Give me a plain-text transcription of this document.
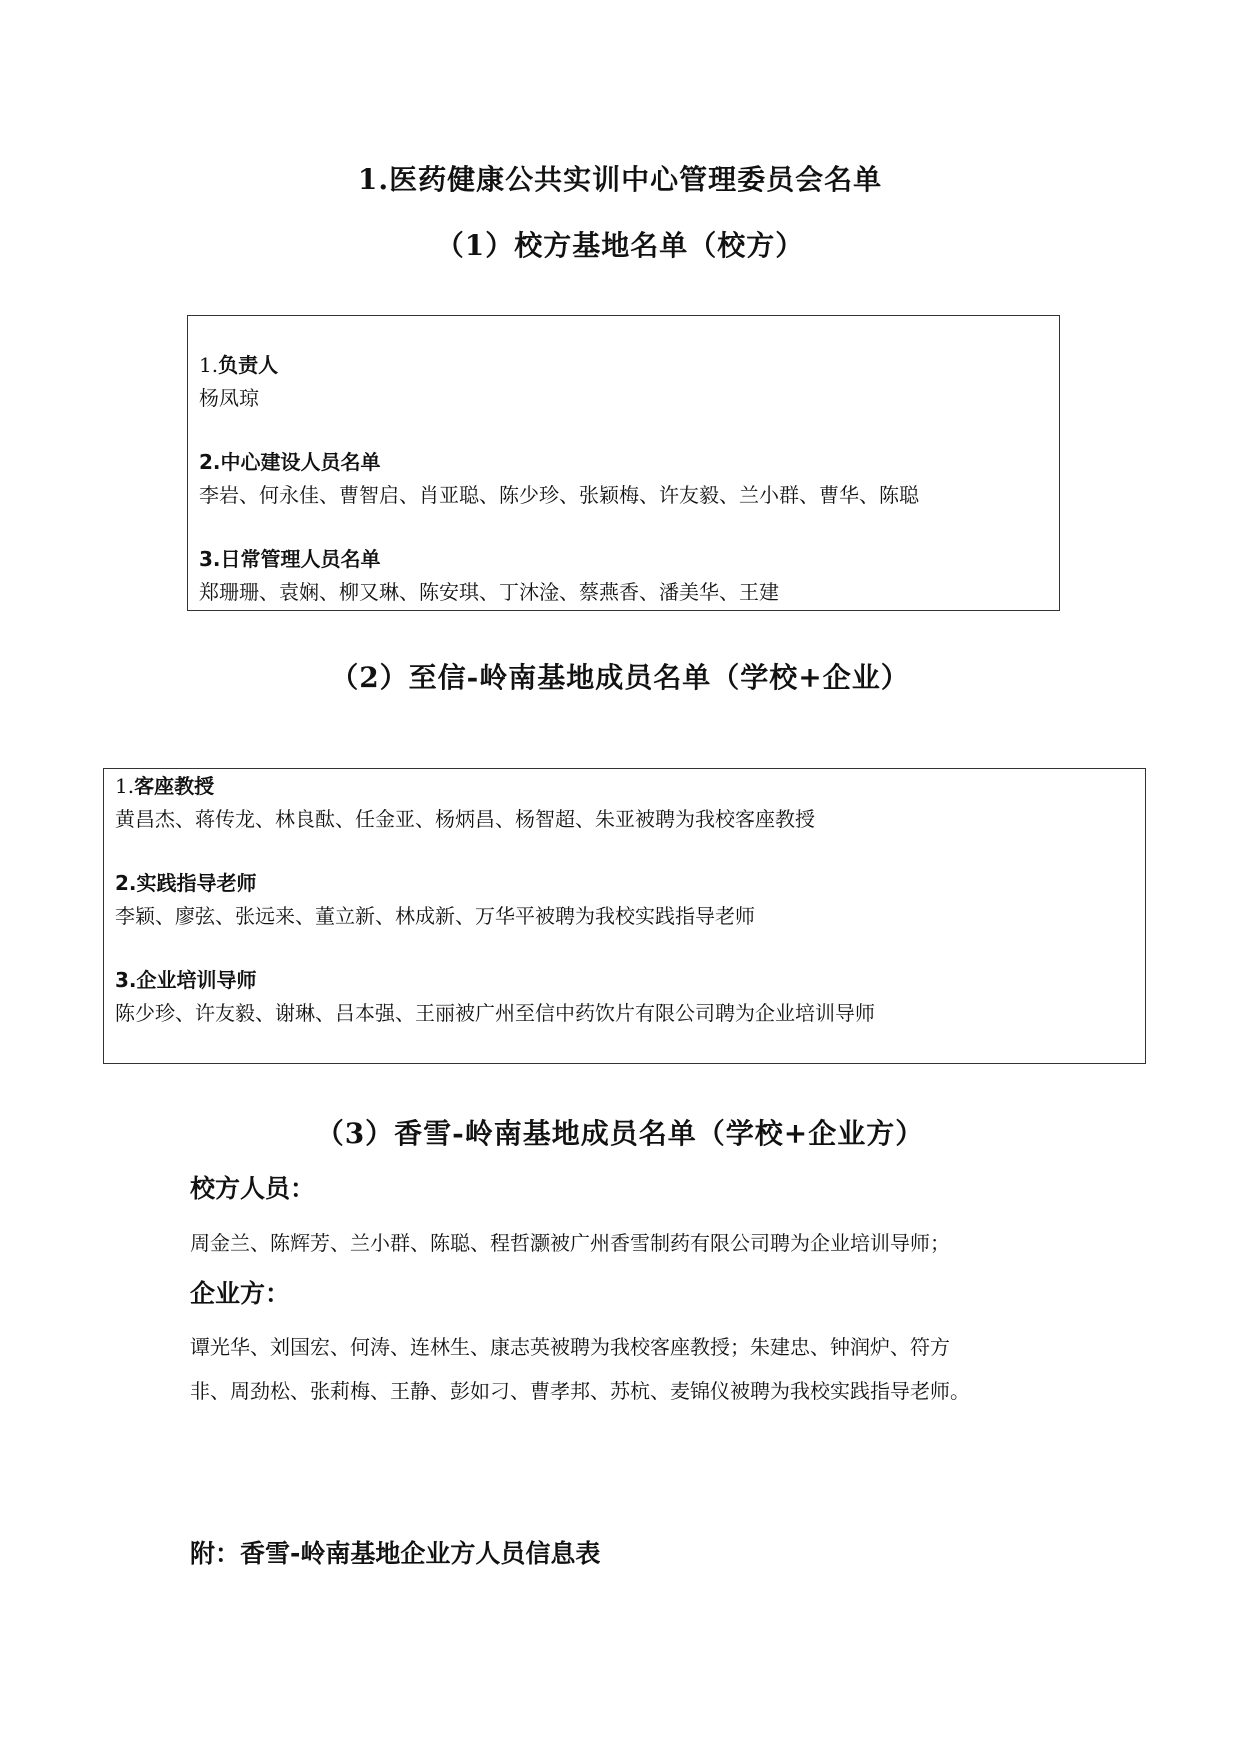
1.医药健康公共实训中心管理委员会名单
（1）校方基地名单（校方）
1.负责人
杨凤琼
2.中心建设人员名单
李岩、何永佳、曹智启、肖亚聪、陈少珍、张颖梅、许友毅、兰小群、曹华、陈聪
3.日常管理人员名单
郑珊珊、袁娴、柳又琳、陈安琪、丁沐淦、蔡燕香、潘美华、王建
（2）至信-岭南基地成员名单（学校+企业）
1.客座教授
黄昌杰、蒋传龙、林良酞、任金亚、杨炳昌、杨智超、朱亚被聘为我校客座教授
2.实践指导老师
李颖、廖弦、张远来、董立新、林成新、万华平被聘为我校实践指导老师
3.企业培训导师
陈少珍、许友毅、谢琳、吕本强、王丽被广州至信中药饮片有限公司聘为企业培训导师
（3）香雪-岭南基地成员名单（学校+企业方）
校方人员：
周金兰、陈辉芳、兰小群、陈聪、程哲灏被广州香雪制药有限公司聘为企业培训导师；
企业方：
谭光华、刘国宏、何涛、连林生、康志英被聘为我校客座教授；朱建忠、钟润炉、符方
非、周劲松、张莉梅、王静、彭如刁、曹孝邦、苏杭、麦锦仪被聘为我校实践指导老师。
附：香雪-岭南基地企业方人员信息表
